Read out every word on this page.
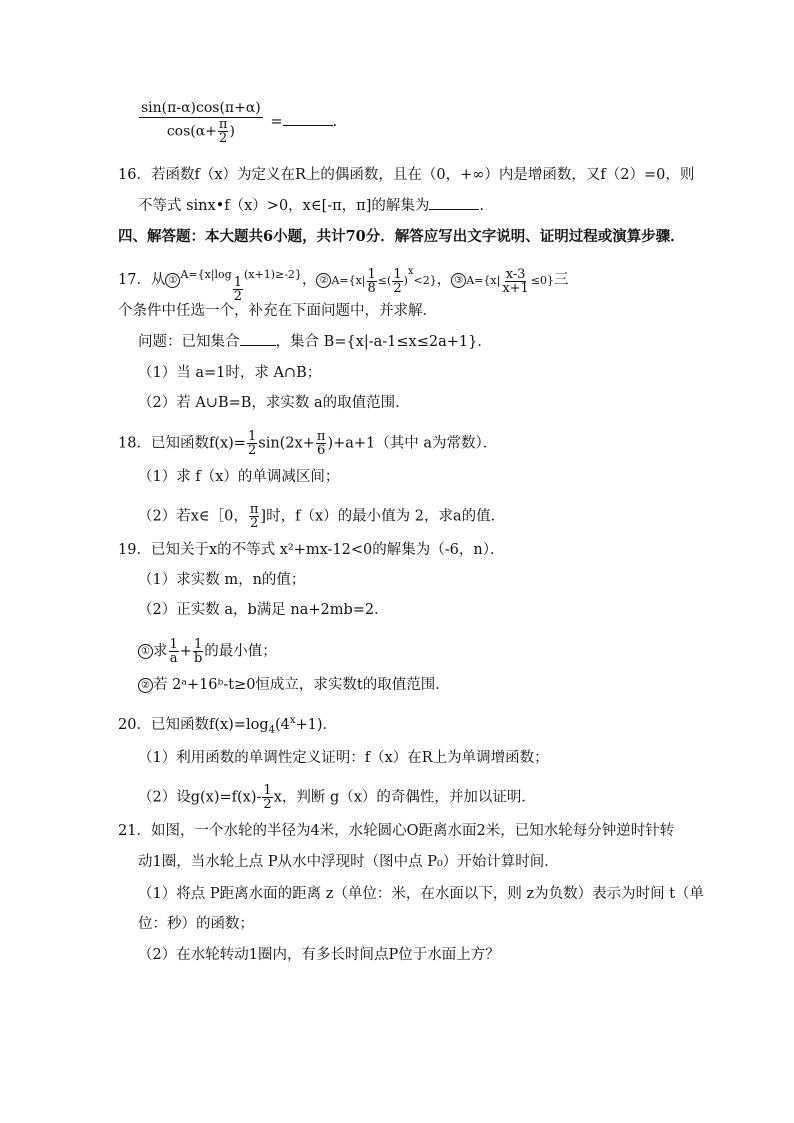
$\frac{\sin(\pi-\alpha)\cos(\pi+\alpha)}{\cos(\alpha+ \frac{\pi}{2} )}$ =	.
16．若函数f（x）为定义在R上的偶函数，且在（0，+∞）内是增函数，又f（2）=0，则
不等式 sinx•f（x）>0，x∈[-π，π]的解集为	.
四、解答题：本大题共6小题，共计70分．解答应写出文字说明、证明过程或演算步骤．
17．从 ① $^{A=\{x|log \frac{1}{2} (x+1)\ge-2\}}$， ② $A=\{x| \frac{1}{8}$ ≤( $\frac{1}{2} )^x<2$}， ③ $A=\{x| \frac{x-3}{x+1} \le 0\}$三
个条件中任选一个，补充在下面问题中，并求解．
问题：已知集合 ，集合 B={x|-a-1≤x≤2a+1}．
（1）当 a=1时，求 A∩B；
（2）若 A∪B=B，求实数 a的取值范围．
18．已知函数$f(x)= \frac{1}{2} \sin(2x+ \frac{\pi}{6} )+a+1$（其中 a为常数）．
（1）求 f（x）的单调减区间；
（2）若x∈［0， $\frac{\pi}{2}$ ]时，f（x）的最小值为 2，求a的值．
19．已知关于x的不等式 x²+mx-12<0的解集为（-6，n）．
（1）求实数 m，n的值；
（2）正实数 a，b满足 na+2mb=2．
① 求 $\frac{1}{a} + \frac{1}{b}$ 的最小值；
② 若 2ᵃ+16ᵇ-t≥0恒成立，求实数t的取值范围．
20．已知函数$f(x)=\log_4(4^x+1)$．
（1）利用函数的单调性定义证明：f（x）在R上为单调增函数；
（2）设$g(x)=f(x)- \frac{1}{2}$ x，判断 g（x）的奇偶性，并加以证明．
21．如图，一个水轮的半径为4米，水轮圆心O距离水面2米，已知水轮每分钟逆时针转
动1圈，当水轮上点 P从水中浮现时（图中点 P₀）开始计算时间．
（1）将点 P距离水面的距离 z（单位：米，在水面以下，则 z为负数）表示为时间 t（单
位：秒）的函数；
（2）在水轮转动1圈内，有多长时间点P位于水面上方？
